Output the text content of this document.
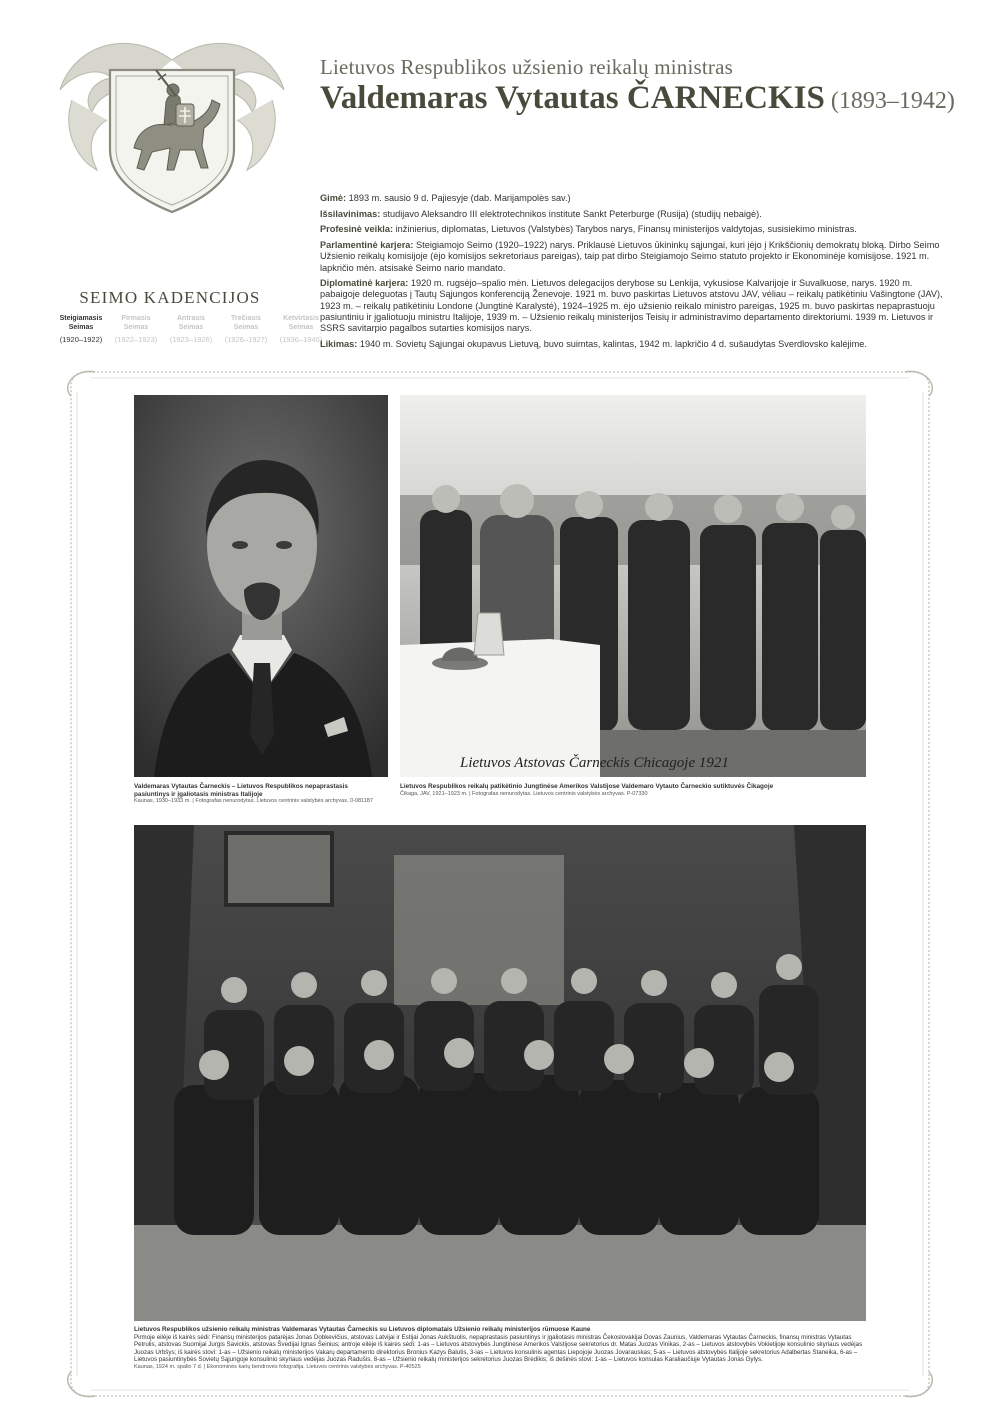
Lietuvos Respublikos užsienio reikalų ministras
Valdemaras Vytautas ČARNECKIS (1893–1942)
SEIMO KADENCIJOS
Steigiamasis Seimas
(1920–1922)
Pirmasis Seimas
(1922–1923)
Antrasis Seimas
(1923–1926)
Trečiasis Seimas
(1926–1927)
Ketvirtasis Seimas
(1936–1940)

Gimė: 1893 m. sausio 9 d. Pajiesyje (dab. Marijampolės sav.)

Išsilavinimas: studijavo Aleksandro III elektrotechnikos institute Sankt Peterburge (Rusija) (studijų nebaigė).

Profesinė veikla: inžinierius, diplomatas, Lietuvos (Valstybės) Tarybos narys, Finansų ministerijos valdytojas, susisiekimo ministras.

Parlamentinė karjera: Steigiamojo Seimo (1920–1922) narys. Priklausė Lietuvos ūkininkų sąjungai, kuri įėjo į Krikščionių demokratų bloką. Dirbo Seimo Užsienio reikalų komisijoje (ėjo komisijos sekretoriaus pareigas), taip pat dirbo Steigiamojo Seimo statuto projekto ir Ekonominėje komisijose. 1921 m. lapkričio mėn. atsisakė Seimo nario mandato.

Diplomatinė karjera: 1920 m. rugsėjo–spalio mėn. Lietuvos delegacijos derybose su Lenkija, vykusiose Kalvarijoje ir Suvalkuose, narys. 1920 m. pabaigoje deleguotas į Tautų Sąjungos konferenciją Ženevoje. 1921 m. buvo paskirtas Lietuvos atstovu JAV, vėliau – reikalų patikėtiniu Vašingtone (JAV), 1923 m. – reikalų patikėtiniu Londone (Jungtinė Karalystė), 1924–1925 m. ėjo užsienio reikalo ministro pareigas, 1925 m. buvo paskirtas nepaprastuoju pasiuntiniu ir įgaliotuoju ministru Italijoje, 1939 m. – Užsienio reikalų ministerijos Teisių ir administravimo departamento direktoriumi. 1939 m. Lietuvos ir SSRS savitarpio pagalbos sutarties komisijos narys.

Likimas: 1940 m. Sovietų Sąjungai okupavus Lietuvą, buvo suimtas, kalintas, 1942 m. lapkričio 4 d. sušaudytas Sverdlovsko kalėjime.

Valdemaras Vytautas Čarneckis – Lietuvos Respublikos nepaprastasis pasiuntinys ir įgaliotasis ministras Italijoje
Kaunas, 1930–1933 m. | Fotografas nenurodytas. Lietuvos centrinis valstybės archyvas. 0-081187
Lietuvos Atstovas Čarneckis Chicagoje 1921
Lietuvos Respublikos reikalų patikėtinio Jungtinėse Amerikos Valstijose Valdemaro Vytauto Čarneckio sutiktuvės Čikagoje
Čikaga, JAV, 1921–1923 m. | Fotografas nenurodytas. Lietuvos centrinis valstybės archyvas. P-07330
Lietuvos Respublikos užsienio reikalų ministras Valdemaras Vytautas Čarneckis su Lietuvos diplomatais Užsienio reikalų ministerijos rūmuose Kaune
Pirmoje eilėje iš kairės sėdi: Finansų ministerijos patarėjas Jonas Dobkevičius, atstovas Latvijai ir Estijai Jonas Aukštuolis, nepaprastasis pasiuntinys ir įgaliotasis ministras Čekoslovakijai Dovas Zaunius, Valdemaras Vytautas Čarneckis, finansų ministras Vytautas Petrulis, atstovas Suomijai Jurgis Savickis, atstovas Švedijai Ignas Šeinius; antroje eilėje iš kairės sėdi: 1-as – Lietuvos atstovybės Jungtinėse Amerikos Valstijose sekretorius dr. Matas Juozas Vinikas, 2-as – Lietuvos atstovybės Vokietijoje konsulinio skyriaus vedėjas Juozas Urbšys; iš kairės stovi: 1-as – Užsienio reikalų ministerijos Vakarų departamento direktorius Bronius Kazys Balutis, 3-ias – Lietuvos konsulinis agentas Liepojoje Juozas Jovarauskas; 5-as – Lietuvos atstovybės Italijoje sekretorius Adalbertas Staneika, 6-as – Lietuvos pasiuntinybės Sovietų Sąjungoje konsulinio skyriaus vedėjas Juozas Radušis, 8-as – Užsienio reikalų ministerijos sekretorius Juozas Brėdikis; iš dešinės stovi: 1-as – Lietuvos konsulas Karaliaučiuje Vytautas Jonas Gylys.
Kaunas, 1924 m. spalio 7 d. | Ekonominės karių bendrovės fotografija. Lietuvos centrinis valstybės archyvas. P-40525
